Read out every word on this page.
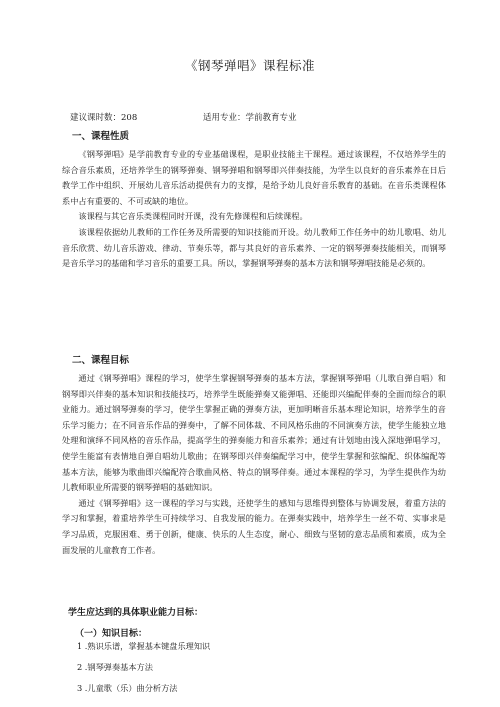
《钢琴弹唱》课程标准

建议课时数：208	适用专业：学前教育专业

一、课程性质

《钢琴弹唱》是学前教育专业的专业基础课程，是职业技能主干课程。通过该课程，不仅培养学生的综合音乐素质，还培养学生的钢琴弹奏、钢琴弹唱和钢琴即兴伴奏技能，为学生以良好的音乐素养在日后教学工作中组织、开展幼儿音乐活动提供有力的支撑，是给予幼儿良好音乐教育的基础。在音乐类课程体系中占有重要的、不可或缺的地位。

该课程与其它音乐类课程同时开课，没有先修课程和后续课程。

该课程依据幼儿教师的工作任务及所需要的知识技能而开设。幼儿教师工作任务中的幼儿歌唱、幼儿音乐欣赏、幼儿音乐游戏、律动、节奏乐等，都与其良好的音乐素养、一定的钢琴弹奏技能相关，而钢琴是音乐学习的基础和学习音乐的重要工具。所以，掌握钢琴弹奏的基本方法和钢琴弹唱技能是必须的。

二、课程目标

通过《钢琴弹唱》课程的学习，使学生掌握钢琴弹奏的基本方法，掌握钢琴弹唱（儿歌自弹自唱）和钢琴即兴伴奏的基本知识和技能技巧，培养学生既能弹奏又能弹唱、还能即兴编配伴奏的全面而综合的职业能力。通过钢琴弹奏的学习，使学生掌握正确的弹奏方法，更加明晰音乐基本理论知识，培养学生的音乐学习能力；在不同音乐作品的弹奏中，了解不同体裁、不同风格乐曲的不同演奏方法，使学生能独立地处理和演绎不同风格的音乐作品，提高学生的弹奏能力和音乐素养；通过有计划地由浅入深地弹唱学习，使学生能富有表情地自弹自唱幼儿歌曲；在钢琴即兴伴奏编配学习中，使学生掌握和弦编配、织体编配等基本方法，能够为歌曲即兴编配符合歌曲风格、特点的钢琴伴奏。通过本课程的学习，为学生提供作为幼儿教师职业所需要的钢琴弹唱的基础知识。

通过《钢琴弹唱》这一课程的学习与实践，还使学生的感知与思维得到整体与协调发展，着重方法的学习和掌握，着重培养学生可持续学习、自我发展的能力。在弹奏实践中，培养学生一丝不苟、实事求是学习品质，克服困难、勇于创新，健康、快乐的人生态度，耐心、细致与坚韧的意志品质和素质，成为全面发展的儿童教育工作者。

学生应达到的具体职业能力目标：
（一）知识目标：

1 .熟识乐谱，掌握基本键盘乐理知识

2 .钢琴弹奏基本方法

3 .儿童歌（乐）曲分析方法
